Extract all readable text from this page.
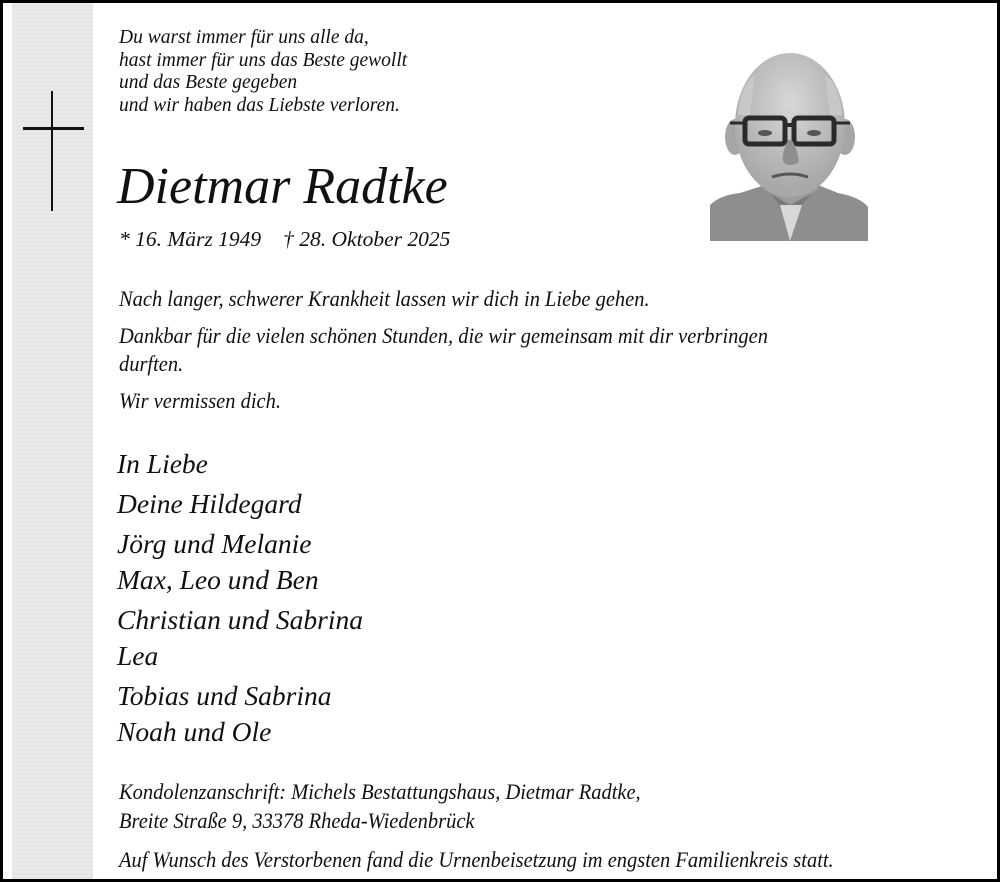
Du warst immer für uns alle da,
hast immer für uns das Beste gewollt
und das Beste gegeben
und wir haben das Liebste verloren.
Dietmar Radtke
* 16. März 1949 † 28. Oktober 2025
Nach langer, schwerer Krankheit lassen wir dich in Liebe gehen.
Dankbar für die vielen schönen Stunden, die wir gemeinsam mit dir verbringen
durften.
Wir vermissen dich.
In Liebe
Deine Hildegard
Jörg und Melanie
Max, Leo und Ben
Christian und Sabrina
Lea
Tobias und Sabrina
Noah und Ole
Kondolenzanschrift: Michels Bestattungshaus, Dietmar Radtke,
Breite Straße 9, 33378 Rheda-Wiedenbrück
Auf Wunsch des Verstorbenen fand die Urnenbeisetzung im engsten Familienkreis statt.
